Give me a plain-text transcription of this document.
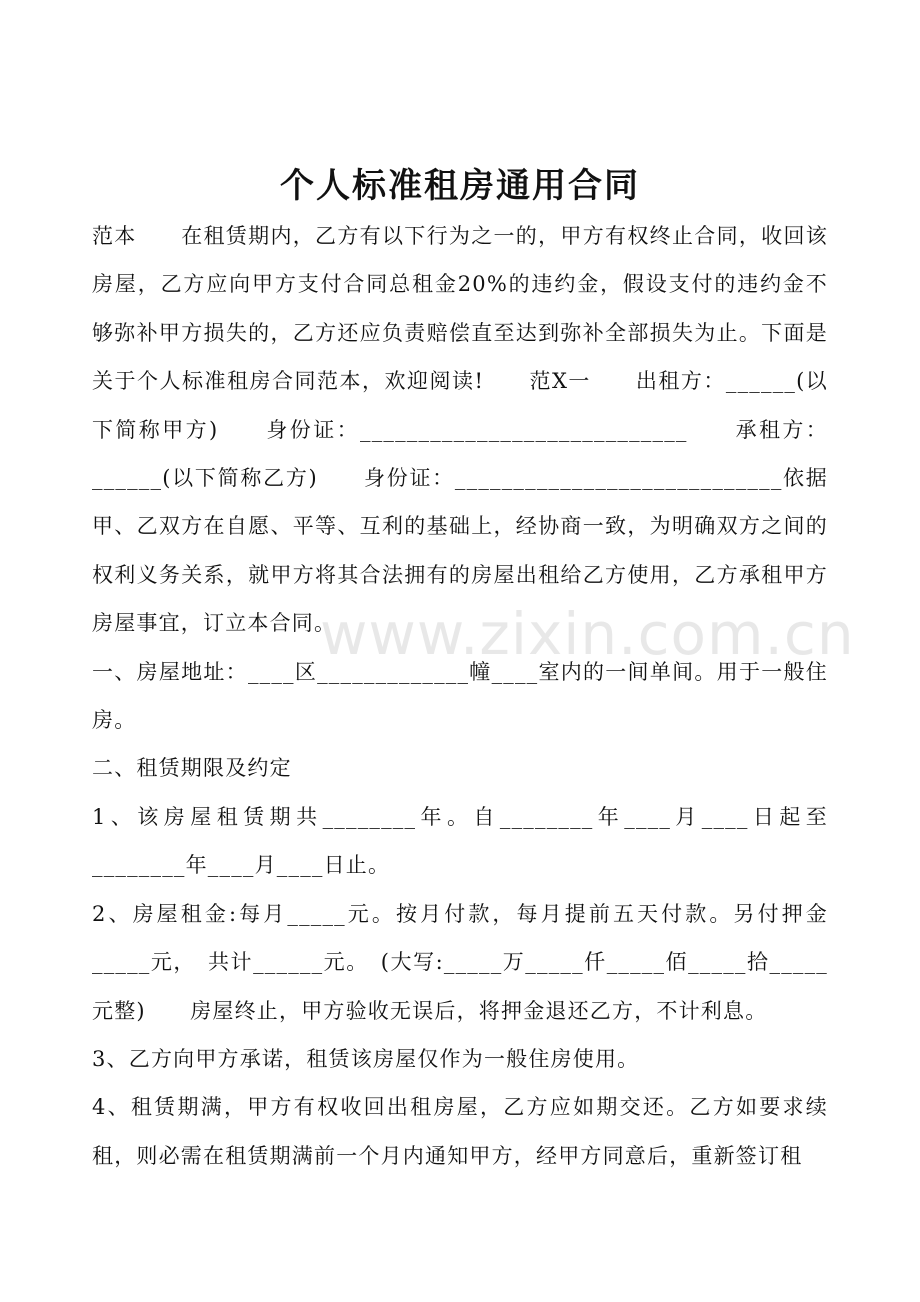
个人标准租房通用合同

范本　　在租赁期内，乙方有以下行为之一的，甲方有权终止合同，收回该房屋，乙方应向甲方支付合同总租金20%的违约金，假设支付的违约金不够弥补甲方损失的，乙方还应负责赔偿直至达到弥补全部损失为止。下面是关于个人标准租房合同范本，欢迎阅读!　　范X一　　出租方：______(以下简称甲方)　　身份证：____________________________　　承租方：______(以下简称乙方)　　身份证：____________________________依据甲、乙双方在自愿、平等、互利的基础上，经协商一致，为明确双方之间的权利义务关系，就甲方将其合法拥有的房屋出租给乙方使用，乙方承租甲方房屋事宜，订立本合同。

一、房屋地址：____区_____________幢____室内的一间单间。用于一般住房。

二、租赁期限及约定

1、该房屋租赁期共________年。自________年____月____日起至________年____月____日止。

2、房屋租金:每月_____元。按月付款，每月提前五天付款。另付押金_____元，　共计______元。　(大写:_____万_____仟_____佰_____拾_____元整)　　房屋终止，甲方验收无误后，将押金退还乙方，不计利息。

3、乙方向甲方承诺，租赁该房屋仅作为一般住房使用。

4、租赁期满，甲方有权收回出租房屋，乙方应如期交还。乙方如要求续租，则必需在租赁期满前一个月内通知甲方，经甲方同意后，重新签订租

www.zixin.com.cn
